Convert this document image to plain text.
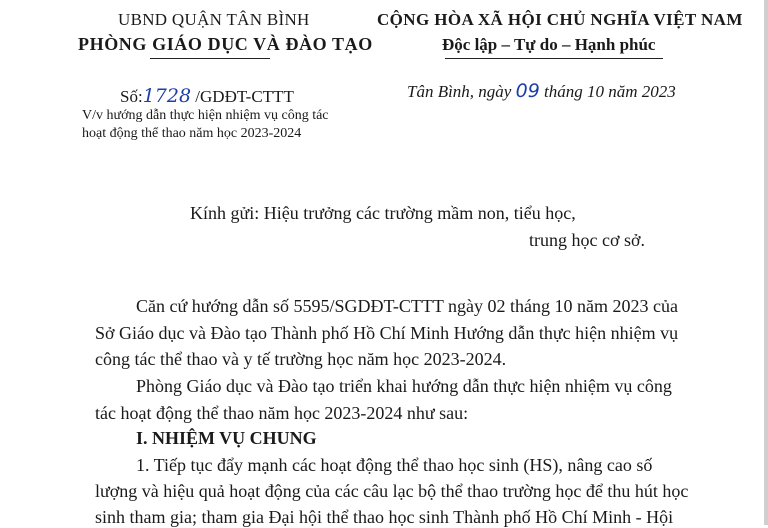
UBND QUẬN TÂN BÌNH
PHÒNG GIÁO DỤC VÀ ĐÀO TẠO
CỘNG HÒA XÃ HỘI CHỦ NGHĨA VIỆT NAM
Độc lập – Tự do – Hạnh phúc
Số:1728 /GDĐT-CTTT
V/v hướng dẫn thực hiện nhiệm vụ công tác
hoạt động thể thao năm học 2023-2024
Tân Bình, ngày 09 tháng 10 năm 2023
Kính gửi: Hiệu trưởng các trường mầm non, tiểu học,
trung học cơ sở.
Căn cứ hướng dẫn số 5595/SGDĐT-CTTT ngày 02 tháng 10 năm 2023 của
Sở Giáo dục và Đào tạo Thành phố Hồ Chí Minh Hướng dẫn thực hiện nhiệm vụ
công tác thể thao và y tế trường học năm học 2023-2024.
Phòng Giáo dục và Đào tạo triển khai hướng dẫn thực hiện nhiệm vụ công
tác hoạt động thể thao năm học 2023-2024 như sau:
I. NHIỆM VỤ CHUNG
1. Tiếp tục đẩy mạnh các hoạt động thể thao học sinh (HS), nâng cao số
lượng và hiệu quả hoạt động của các câu lạc bộ thể thao trường học để thu hút học
sinh tham gia; tham gia Đại hội thể thao học sinh Thành phố Hồ Chí Minh - Hội
